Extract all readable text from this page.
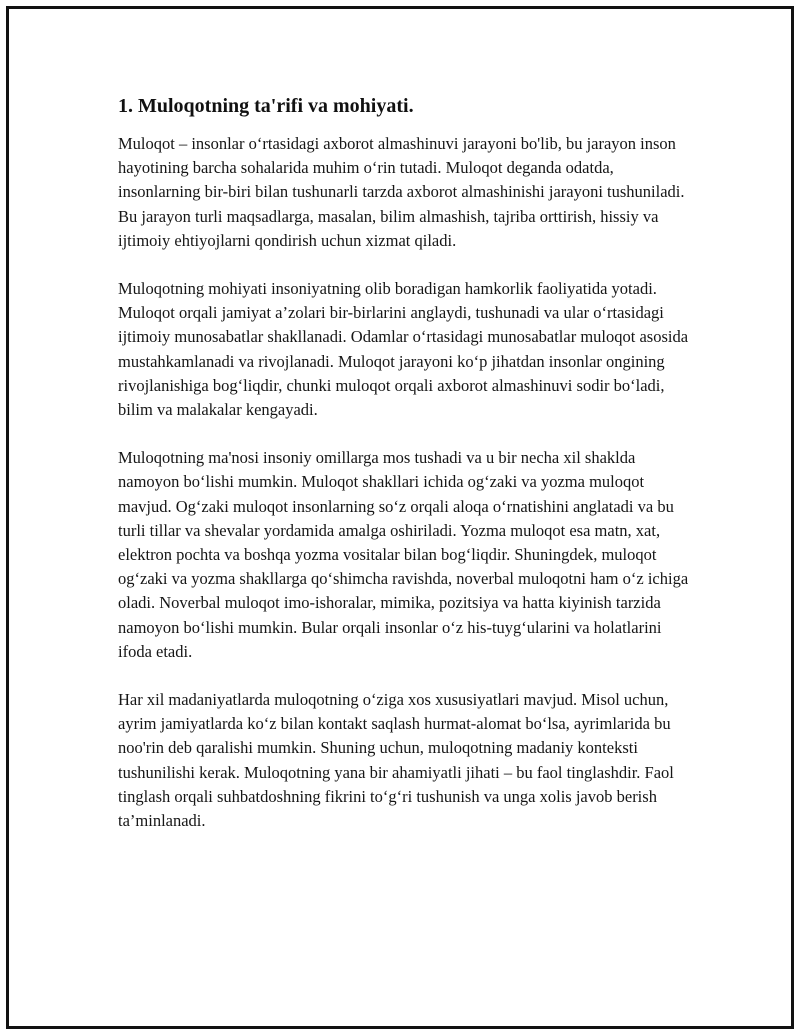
1. Muloqotning ta'rifi va mohiyati.

Muloqot – insonlar o‘rtasidagi axborot almashinuvi jarayoni bo'lib, bu jarayon inson hayotining barcha sohalarida muhim o‘rin tutadi. Muloqot deganda odatda, insonlarning bir-biri bilan tushunarli tarzda axborot almashinishi jarayoni tushuniladi. Bu jarayon turli maqsadlarga, masalan, bilim almashish, tajriba orttirish, hissiy va ijtimoiy ehtiyojlarni qondirish uchun xizmat qiladi.

Muloqotning mohiyati insoniyatning olib boradigan hamkorlik faoliyatida yotadi. Muloqot orqali jamiyat a’zolari bir-birlarini anglaydi, tushunadi va ular o‘rtasidagi ijtimoiy munosabatlar shakllanadi. Odamlar o‘rtasidagi munosabatlar muloqot asosida mustahkamlanadi va rivojlanadi. Muloqot jarayoni ko‘p jihatdan insonlar ongining rivojlanishiga bog‘liqdir, chunki muloqot orqali axborot almashinuvi sodir bo‘ladi, bilim va malakalar kengayadi.

Muloqotning ma'nosi insoniy omillarga mos tushadi va u bir necha xil shaklda namoyon bo‘lishi mumkin. Muloqot shakllari ichida og‘zaki va yozma muloqot mavjud. Og‘zaki muloqot insonlarning so‘z orqali aloqa o‘rnatishini anglatadi va bu turli tillar va shevalar yordamida amalga oshiriladi. Yozma muloqot esa matn, xat, elektron pochta va boshqa yozma vositalar bilan bog‘liqdir. Shuningdek, muloqot og‘zaki va yozma shakllarga qo‘shimcha ravishda, noverbal muloqotni ham o‘z ichiga oladi. Noverbal muloqot imo-ishoralar, mimika, pozitsiya va hatta kiyinish tarzida namoyon bo‘lishi mumkin. Bular orqali insonlar o‘z his-tuyg‘ularini va holatlarini ifoda etadi.

Har xil madaniyatlarda muloqotning o‘ziga xos xususiyatlari mavjud. Misol uchun, ayrim jamiyatlarda ko‘z bilan kontakt saqlash hurmat-alomat bo‘lsa, ayrimlarida bu noo'rin deb qaralishi mumkin. Shuning uchun, muloqotning madaniy konteksti tushunilishi kerak. Muloqotning yana bir ahamiyatli jihati – bu faol tinglashdir. Faol tinglash orqali suhbatdoshning fikrini to‘g‘ri tushunish va unga xolis javob berish ta’minlanadi.
